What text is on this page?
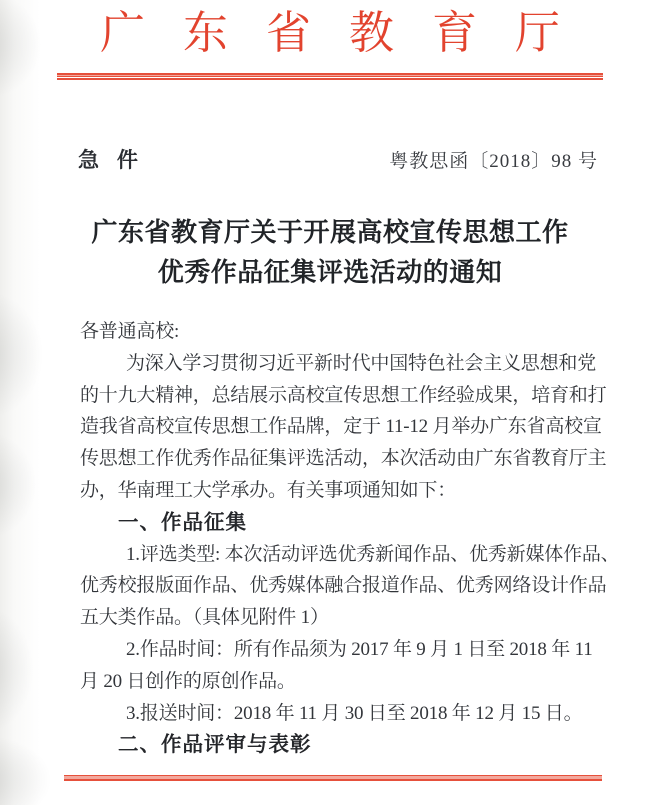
广东省教育厅
急 件	粤教思函〔2018〕98 号
广东省教育厅关于开展高校宣传思想工作
优秀作品征集评选活动的通知
各普通高校:
为深入学习贯彻习近平新时代中国特色社会主义思想和党
的十九大精神，总结展示高校宣传思想工作经验成果，培育和打
造我省高校宣传思想工作品牌，定于 11-12 月举办广东省高校宣
传思想工作优秀作品征集评选活动，本次活动由广东省教育厅主
办，华南理工大学承办。有关事项通知如下：
一、作品征集
1.评选类型: 本次活动评选优秀新闻作品、优秀新媒体作品、
优秀校报版面作品、优秀媒体融合报道作品、优秀网络设计作品
五大类作品。（具体见附件 1）
2.作品时间：所有作品须为 2017 年 9 月 1 日至 2018 年 11
月 20 日创作的原创作品。
3.报送时间：2018 年 11 月 30 日至 2018 年 12 月 15 日。
二、作品评审与表彰
